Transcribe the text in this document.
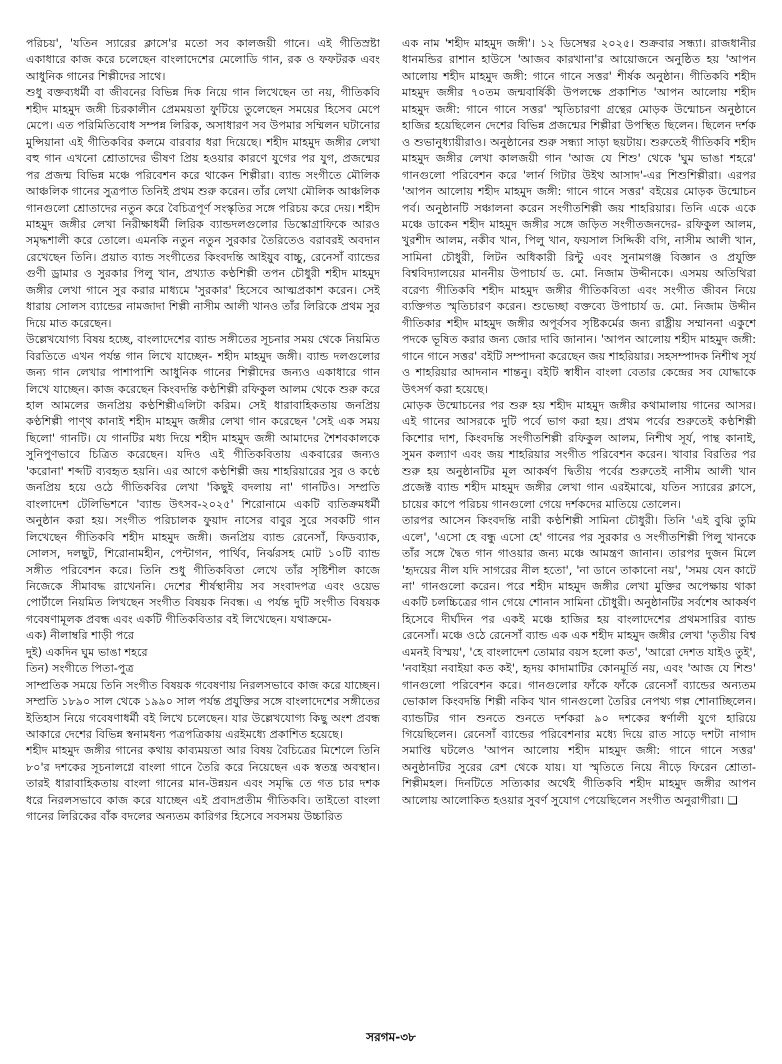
পরিচয়', 'যতিন স্যারের ক্লাসে'র মতো সব কালজয়ী গানে। এই গীতিস্রষ্টা একাধারে কাজ করে চলেছেন বাংলাদেশের মেলোডি গান, রক ও ফফটরক এবং আধুনিক গানের শিল্পীদের সাথে।

শুধু বক্তব্যধর্মী বা জীবনের বিভিন্ন দিক নিয়ে গান লিখেছেন তা নয়, গীতিকবি শহীদ মাহমুদ জঙ্গী চিরকালীন প্রেমময়তা ফুটিয়ে তুলেছেন সময়ের হিসেব মেপে মেপে। এত পরিমিতিবোধ সম্পন্ন লিরিক, অসাধারণ সব উপমার সম্মিলন ঘটানোর মুন্সিয়ানা এই গীতিকবির কলমে বারবার ধরা দিয়েছে। শহীদ মাহমুদ জঙ্গীর লেখা বহু গান এখনো শ্রোতাদের ভীষণ প্রিয় হওয়ার কারণে যুগের পর যুগ, প্রজন্মের পর প্রজন্ম বিভিন্ন মঞ্চে পরিবেশন করে থাকেন শিল্পীরা। ব্যান্ড সংগীতে মৌলিক আঞ্চলিক গানের সুত্রপাত তিনিই প্রথম শুরু করেন। তাঁর লেখা মৌলিক আঞ্চলিক গানগুলো শ্রোতাদের নতুন করে বৈচিত্রপূর্ণ সংস্কৃতির সঙ্গে পরিচয় করে দেয়। শহীদ মাহমুদ জঙ্গীর লেখা নিরীক্ষাধর্মী লিরিক ব্যান্ডদলগুলোর ডিস্কোগ্রাফিকে আরও সমৃদ্ধশালী করে তোলে। এমনকি নতুন নতুন সুরকার তৈরিতেও বরাবরই অবদান রেখেছেন তিনি। প্রয়াত ব্যান্ড সংগীতের কিংবদন্তি আইয়ুব বাচ্চু, রেনেসাঁ ব্যান্ডের গুণী ড্রামার ও সুরকার পিলু খান, প্রখ্যাত কণ্ঠশিল্পী তপন চৌধুরী শহীদ মাহমুদ জঙ্গীর লেখা গানে সুর করার মাধ্যমে 'সুরকার' হিসেবে আত্মপ্রকাশ করেন। সেই ধারায় সোলস ব্যান্ডের নামজাদা শিল্পী নাসীম আলী খানও তাঁর লিরিকে প্রথম সুর দিয়ে মাত করেছেন।

উল্লেখযোগ্য বিষয় হচ্ছে, বাংলাদেশের ব্যান্ড সঙ্গীতের সূচনার সময় থেকে নিয়মিত বিরতিতে এখন পর্যন্ত গান লিখে যাচ্ছেন- শহীদ মাহমুদ জঙ্গী। ব্যান্ড দলগুলোর জন্য গান লেখার পাশাপাশি আধুনিক গানের শিল্পীদের জন্যও একাধারে গান লিখে যাচ্ছেন। কাজ করেছেন কিংবদন্তি কণ্ঠশিল্পী রফিকুল আলম থেকে শুরু করে হাল আমলের জনপ্রিয় কণ্ঠশিল্পীএলিটা করিম। সেই ধারাবাহিকতায় জনপ্রিয় কণ্ঠশিল্পী পাণ্থ কানাই শহীদ মাহমুদ জঙ্গীর লেখা গান করেছেন 'সেই এক সময় ছিলো' গানটি। যে গানটির মধ্য দিয়ে শহীদ মাহমুদ জঙ্গী আমাদের শৈশবকালকে সুনিপুণভাবে চিত্রিত করেছেন। যদিও এই গীতিকবিতায় একবারের জন্যও 'করোনা' শব্দটি ব্যবহৃত হয়নি। এর আগে কণ্ঠশিল্পী জয় শাহরিয়ারের সুর ও কণ্ঠে জনপ্রিয় হয়ে ওঠে গীতিকবির লেখা 'কিছুই বদলায় না' গানটিও। সম্প্রতি বাংলাদেশ টেলিভিশনে 'ব্যান্ড উৎসব-২০২৫' শিরোনামে একটি ব্যতিক্রমধর্মী অনুষ্ঠান করা হয়। সংগীত পরিচালক ফুয়াদ নাসের বাবুর সুরে সবকটি গান লিখেছেন গীতিকবি শহীদ মাহমুদ জঙ্গী। জনপ্রিয় ব্যান্ড রেনেসাঁ, ফিডব্যাক, সোলস, দলছুট, শিরোনামহীন, পেন্টাগন, পার্থিব, নির্ঝরসহ মোট ১০টি ব্যান্ড সঙ্গীত পরিবেশন করে। তিনি শুধু গীতিকবিতা লেখে তাঁর সৃষ্টিশীল কাজে নিজেকে সীমাবদ্ধ রাখেননি। দেশের শীর্ষস্থানীয় সব সংবাদপত্র এবং ওয়েভ পোর্টালে নিয়মিত লিখছেন সংগীত বিষয়ক নিবন্ধ। এ পর্যন্ত দুটি সংগীত বিষয়ক গবেষণামূলক প্রবন্ধ এবং একটি গীতিকবিতার বই লিখেছেন। যথাক্রমে-

এক) নীলাম্বরি শাড়ী পরে

দুই) একদিন ঘুম ভাঙা শহরে

তিন) সংগীতে পিতা-পুত্র

সাম্প্রতিক সময়ে তিনি সংগীত বিষয়ক গবেষণায় নিরলসভাবে কাজ করে যাচ্ছেন। সম্প্রতি ১৮৯০ সাল থেকে ১৯৯০ সাল পর্যন্ত প্রযুক্তির সঙ্গে বাংলাদেশের সঙ্গীতের ইতিহাস নিয়ে গবেষণাধর্মী বই লিখে চলেছেন। যার উল্লেখযোগ্য কিছু অংশ প্রবন্ধ আকারে দেশের বিভিন্ন স্বনামধন্য পত্রপত্রিকায় এরইমধ্যে প্রকাশিত হয়েছে।

শহীদ মাহমুদ জঙ্গীর গানের কথায় কাব্যময়তা আর বিষয় বৈচিত্রের মিশেলে তিনি ৮০'র দশকের সূচনালগ্নে বাংলা গানে তৈরি করে নিয়েছেন এক স্বতন্ত্র অবস্থান। তারই ধারাবাহিকতায় বাংলা গানের মান-উন্নয়ন এবং সমৃদ্ধি তে গত চার দশক ধরে নিরলসভাবে কাজ করে যাচ্ছেন এই প্রবাদপ্রতীম গীতিকবি। তাইতো বাংলা গানের লিরিকের বাঁক বদলের অন্যতম কারিগর হিসেবে সবসময় উচ্চারিত

এক নাম 'শহীদ মাহমুদ জঙ্গী'। ১২ ডিসেম্বর ২০২৫। শুক্রবার সন্ধ্যা। রাজধানীর ধানমন্ডির রাশান হাউসে 'আজব কারখানা'র আয়োজনে অনুষ্ঠিত হয় 'আপন আলোয় শহীদ মাহমুদ জঙ্গী: গানে গানে সত্তর' শীর্ষক অনুষ্ঠান। গীতিকবি শহীদ মাহমুদ জঙ্গীর ৭০তম জন্মবার্ষিকী উপলক্ষে প্রকাশিত 'আপন আলোয় শহীদ মাহমুদ জঙ্গী: গানে গানে সত্তর' স্মৃতিচারণা গ্রন্থের মোড়ক উন্মোচন অনুষ্ঠানে হাজির হয়েছিলেন দেশের বিভিন্ন প্রজন্মের শিল্পীরা উপস্থিত ছিলেন। ছিলেন দর্শক ও শুভানুধ্যায়ীরাও। অনুষ্ঠানের শুরু সন্ধ্যা সাড়া ছয়টায়। শুরুতেই গীতিকবি শহীদ মাহমুদ জঙ্গীর লেখা কালজয়ী গান 'আজ যে শিশু' থেকে 'ঘুম ভাঙা শহরে' গানগুলো পরিবেশন করে 'লার্ন গিটার উইথ আসাদ'-এর শিশুশিল্পীরা। এরপর 'আপন আলোয় শহীদ মাহমুদ জঙ্গী: গানে গানে সত্তর' বইয়ের মোড়ক উন্মোচন পর্ব। অনুষ্ঠানটি সঞ্চালনা করেন সংগীতশিল্পী জয় শাহরিয়ার। তিনি একে একে মঞ্চে ডাকেন শহীদ মাহমুদ জঙ্গীর সঙ্গে জড়িত সংগীতজনদের- রফিকুল আলম, খুরশীদ আলম, নকীব খান, পিলু খান, ফয়সাল সিদ্দিকী বগি, নাসীম আলী খান, সামিনা চৌধুরী, লিটন অধিকারী রিন্টু এবং সুনামগঞ্জ বিজ্ঞান ও প্রযুক্তি বিশ্ববিদ্যালয়ের মাননীয় উপাচার্য ড. মো. নিজাম উদ্দীনকে। এসময় অতিথিরা বরেণ্য গীতিকবি শহীদ মাহমুদ জঙ্গীর গীতিকবিতা এবং সংগীত জীবন নিয়ে ব্যক্তিগত স্মৃতিচারণ করেন। শুভেচ্ছা বক্তব্যে উপাচার্য ড. মো. নিজাম উদ্দীন গীতিকার শহীদ মাহমুদ জঙ্গীর অপূর্বসব সৃষ্টিকর্মের জন্য রাষ্ট্রীয় সম্মাননা একুশে পদকে ভূষিত করার জন্য জোর দাবি জানান। 'আপন আলোয় শহীদ মাহমুদ জঙ্গী: গানে গানে সত্তর' বইটি সম্পাদনা করেছেন জয় শাহরিয়ার। সহসম্পাদক নিশীথ সূর্য ও শাহরিয়ার আদনান শান্তনু। বইটি স্বাধীন বাংলা বেতার কেন্দ্রের সব যোদ্ধাকে উৎসর্গ করা হয়েছে।

মোড়ক উন্মোচনের পর শুরু হয় শহীদ মাহমুদ জঙ্গীর কথামালায় গানের আসর। এই গানের আসরকে দুটি পর্বে ভাগ করা হয়। প্রথম পর্বের শুরুতেই কণ্ঠশিল্পী কিশোর দাশ, কিংবদন্তি সংগীতশিল্পী রফিকুল আলম, নিশীথ সূর্য, পান্থ কানাই, সুমন কল্যাণ এবং জয় শাহরিয়ার সংগীত পরিবেশন করেন। খাবার বিরতির পর শুরু হয় অনুষ্ঠানটির মূল আকর্ষণ দ্বিতীয় পর্বের শুরুতেই নাসীম আলী খান প্রজেক্ট ব্যান্ড শহীদ মাহমুদ জঙ্গীর লেখা গান এরইমাঝে, যতিন স্যারের ক্লাসে, চায়ের কাপে পরিচয় গানগুলো গেয়ে দর্শকদের মাতিয়ে তোলেন।

তারপর আসেন কিংবদন্তি নারী কণ্ঠশিল্পী সামিনা চৌধুরী। তিনি 'এই বুঝি তুমি এলে', 'এসো হে বন্ধু এসো হে' গানের পর সুরকার ও সংগীতশিল্পী পিলু খানকে তাঁর সঙ্গে দ্বৈত গান গাওয়ার জন্য মঞ্চে আমন্ত্রণ জানান। তারপর দুজন মিলে 'হৃদয়ের নীল যদি সাগরের নীল হতো', 'না ডানে তাকানো নয়', 'সময় যেন কাটে না' গানগুলো করেন। পরে শহীদ মাহমুদ জঙ্গীর লেখা মুক্তির অপেক্ষায় থাকা একটি চলচ্চিত্রের গান গেয়ে শোনান সামিনা চৌধুরী। অনুষ্ঠানটির সর্বশেষ আকর্ষণ হিসেবে দীর্ঘদিন পর একই মঞ্চে হাজির হয় বাংলাদেশের প্রথমসারির ব্যান্ড রেনেসাঁ। মঞ্চে ওঠে রেনেসাঁ ব্যান্ড এক এক শহীদ মাহমুদ জঙ্গীর লেখা 'তৃতীয় বিশ্ব এমনই বিস্ময়', 'হে বাংলাদেশ তোমার বয়স হলো কত', 'আরো দেশত যাইও তুই', 'নবাইয়া নবাইয়া কত কই', হৃদয় কাদামাটির কোনমূর্তি নয়, এবং 'আজ যে শিশু' গানগুলো পরিবেশন করে। গানগুলোর ফাঁকে ফাঁকে রেনেসাঁ ব্যান্ডের অন্যতম ভোকাল কিংবদন্তি শিল্পী নকিব খান গানগুলো তৈরির নেপথ্য গল্প শোনাচ্ছিলেন। ব্যান্ডটির গান শুনতে শুনতে দর্শকরা ৯০ দশকের স্বর্ণালী যুগে হারিয়ে গিয়েছিলেন। রেনেসাঁ ব্যান্ডের পরিবেশনার মধ্যে দিয়ে রাত সাড়ে দশটা নাগাদ সমাপ্তি ঘটলেও 'আপন আলোয় শহীদ মাহমুদ জঙ্গী: গানে গানে সত্তর' অনুষ্ঠানটির সুরের রেশ থেকে যায়। যা স্মৃতিতে নিয়ে নীড়ে ফিরেন শ্রোতা-শিল্পীমহল। দিনটিতে সত্যিকার অর্থেই গীতিকবি শহীদ মাহমুদ জঙ্গীর আপন আলোয় আলোকিত হওয়ার সুবর্ণ সুযোগ পেয়েছিলেন সংগীত অনুরাগীরা। ❑

সরগম-৩৮
